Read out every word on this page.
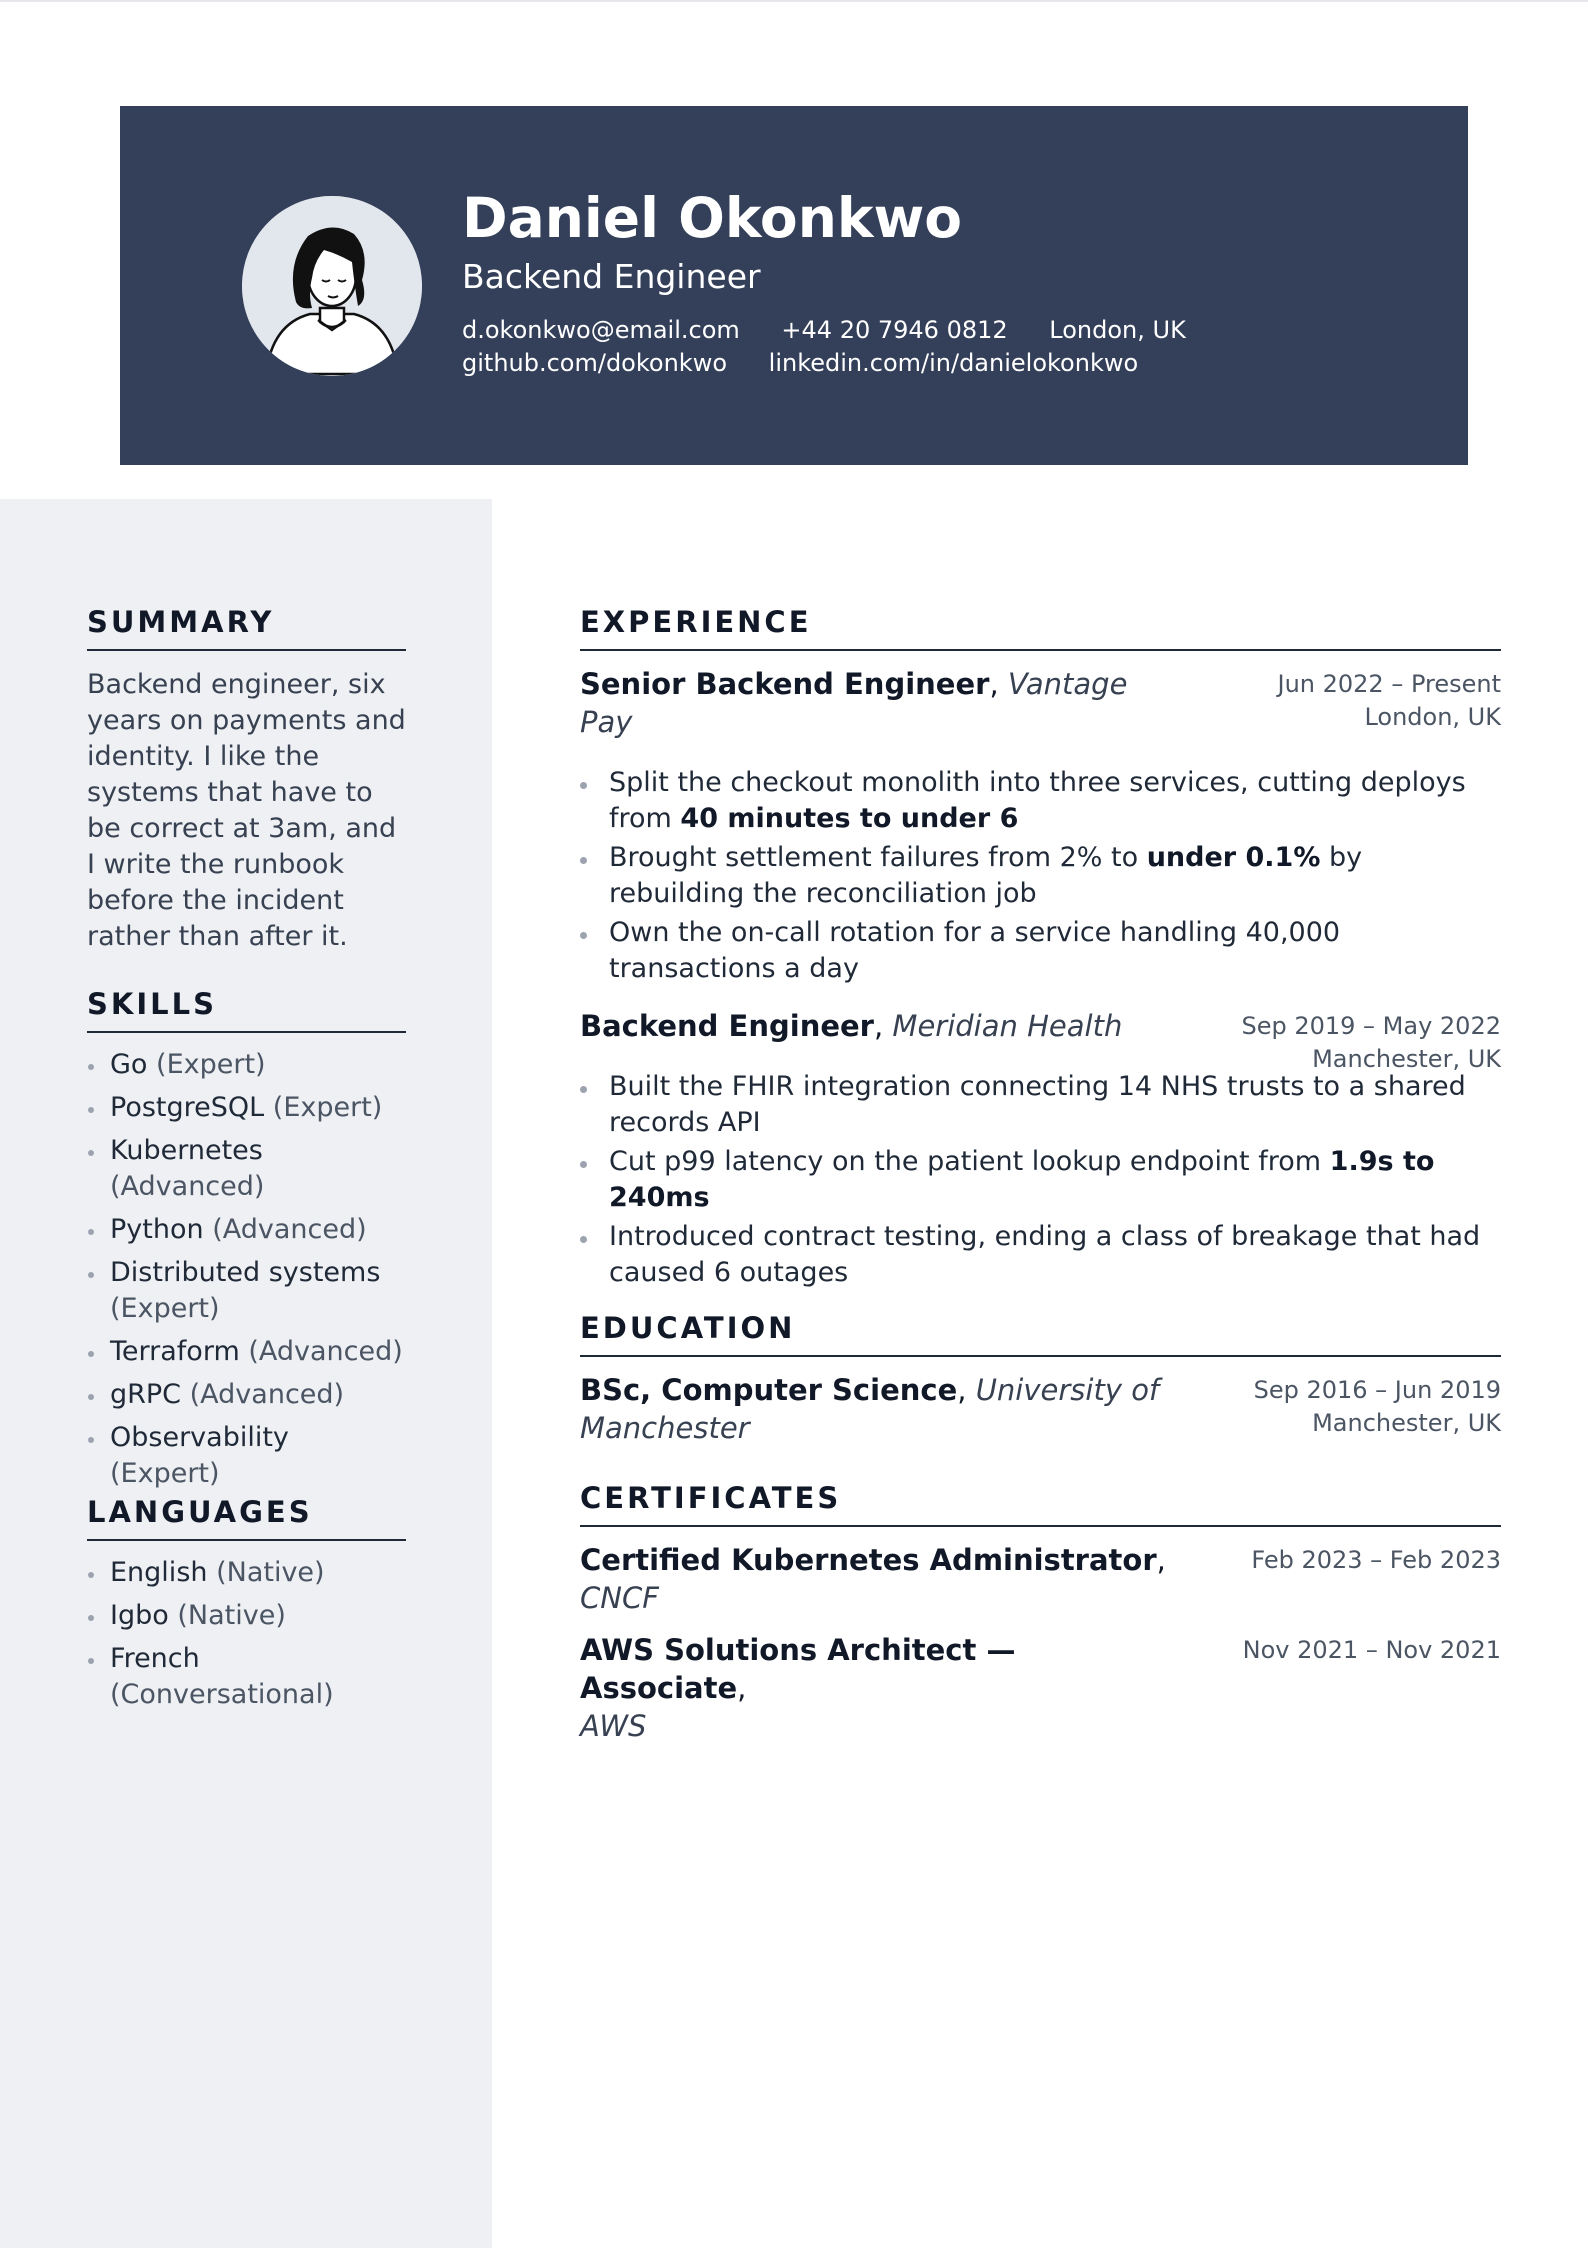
Daniel Okonkwo

Backend Engineer

d.okonkwo@email.com +44 20 7946 0812 London, UK github.com/dokonkwo linkedin.com/in/danielokonkwo
SUMMARY

Backend engineer, six years on payments and identity. I like the systems that have to be correct at 3am, and I write the runbook before the incident rather than after it.

SKILLS
Go (Expert)
PostgreSQL (Expert)
Kubernetes (Advanced)
Python (Advanced)
Distributed systems (Expert)
Terraform (Advanced)
gRPC (Advanced)
Observability (Expert)
LANGUAGES
English (Native)
Igbo (Native)
French (Conversational)
EXPERIENCE
Senior Backend Engineer, Vantage Pay
Jun 2022 – Present
London, UK
Split the checkout monolith into three services, cutting deploys from 40 minutes to under 6
Brought settlement failures from 2% to under 0.1% by rebuilding the reconciliation job
Own the on-call rotation for a service handling 40,000 transactions a day
Backend Engineer, Meridian Health	Sep 2019 – May 2022
Manchester, UK
Built the FHIR integration connecting 14 NHS trusts to a shared records API
Cut p99 latency on the patient lookup endpoint from 1.9s to 240ms
Introduced contract testing, ending a class of breakage that had caused 6 outages
EDUCATION
BSc, Computer Science, University of Manchester
Sep 2016 – Jun 2019
Manchester, UK
CERTIFICATES
Certified Kubernetes Administrator,
CNCF
Feb 2023 – Feb 2023
AWS Solutions Architect — Associate,
AWS
Nov 2021 – Nov 2021
